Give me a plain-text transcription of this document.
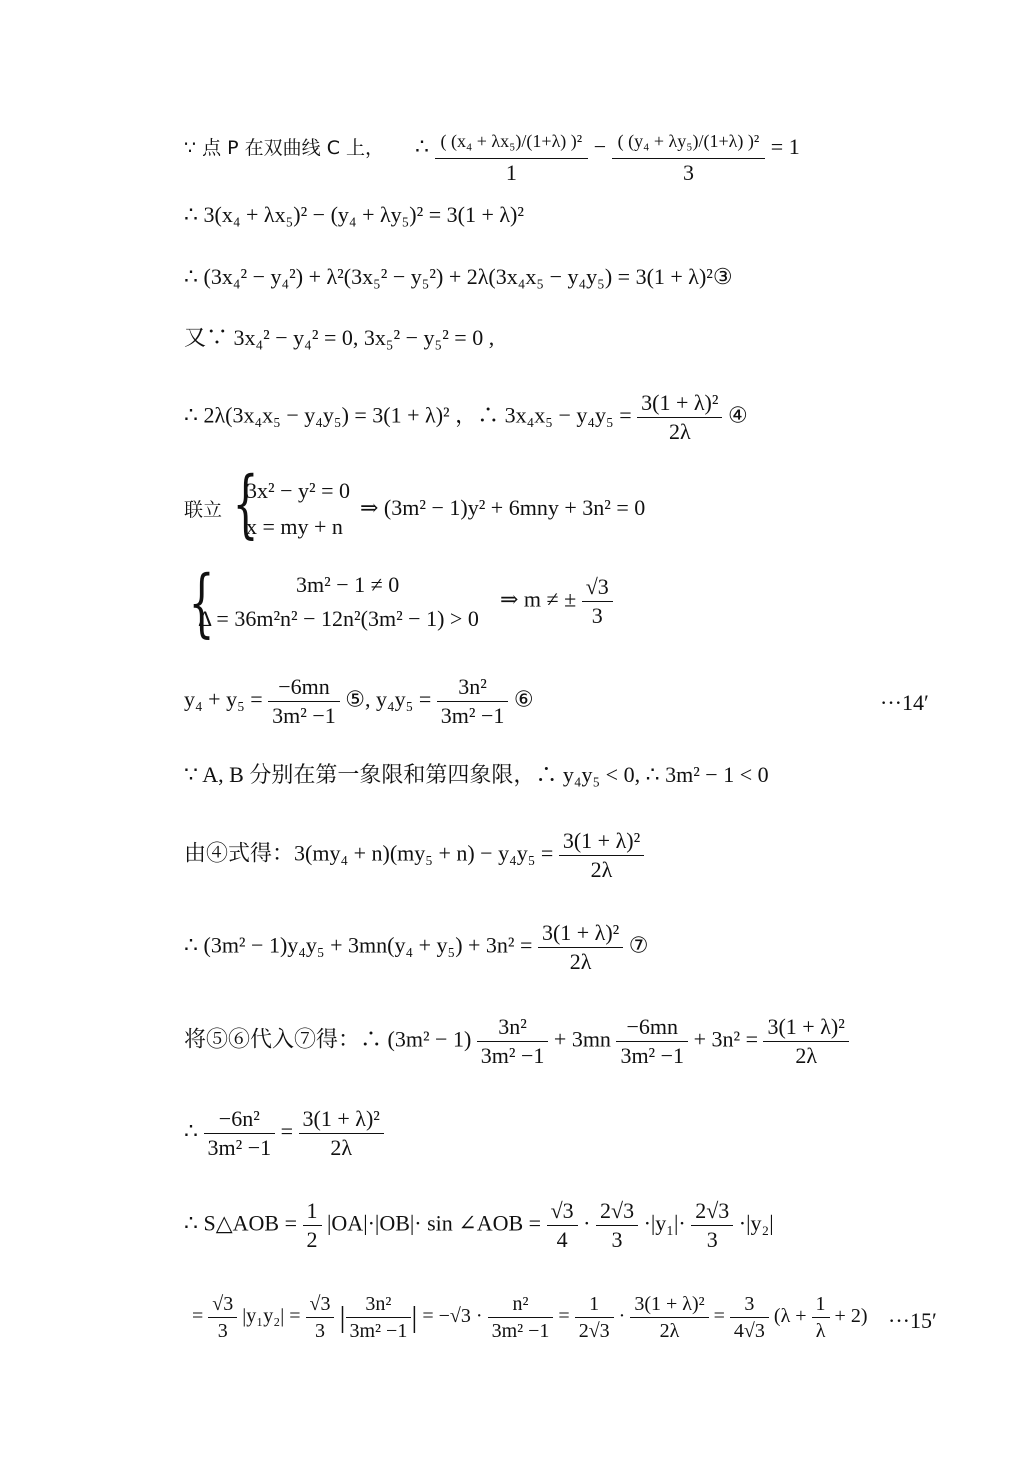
∵ 点 P 在双曲线 C 上， ∴ $\frac{\text{( (x₄ + λx₅)/(1+λ) )²}}{1} - \frac{\text{( (y₄ + λy₅)/(1+λ) )²}}{3} = 1$
∴ 3(x₄ + λx₅)² − (y₄ + λy₅)² = 3(1 + λ)²
∴ (3x₄² − y₄²) + λ²(3x₅² − y₅²) + 2λ(3x₄x₅ − y₄y₅) = 3(1 + λ)²③
又∵ 3x₄² − y₄² = 0, 3x₅² − y₅² = 0 ,
∴ 2λ(3x₄x₅ − y₄y₅) = 3(1 + λ)² ，∴ $3x_4x_5 - y_4y_5 = \frac{\text{3(1 + λ)²}}{2\lambda}$ ④
联立 {
3x² − y² = 0
x = my + n
⇒ (3m² − 1)y² + 6mny + 3n² = 0
{	3m² − 1 ≠ 0
Δ = 36m²n² − 12n²(3m² − 1) > 0
⇒ m ≠ ± $\frac{√3}{3}$
$y_4 + y_5 = \frac{-6mn}{\text{3m² −1}}$ ⑤, $y_4y_5 = \frac{\text{3n²}}{\text{3m² −1}}$ ⑥	···14′
∵ A, B 分别在第一象限和第四象限，∴ y₄y₅ < 0, ∴ 3m² − 1 < 0
由④式得：$3(my_4 + n)(my_5 + n) - y_4y_5 = \frac{\text{3(1 + λ)²}}{2\lambda}$
∴ $(3m^2 - 1)y_4y_5 + 3mn(y_4 + y_5) + 3n^2 = \frac{\text{3(1 + λ)²}}{2\lambda}$ ⑦
将⑤⑥代入⑦得：∴ $(3m^2 - 1) \frac{\text{3n²}}{\text{3m² −1}} + 3mn \frac{-6mn}{\text{3m² −1}} + 3n^2 = \frac{\text{3(1 + λ)²}}{2\lambda}$
∴ $\frac{\text{−6n²}}{\text{3m² −1}} = \frac{\text{3(1 + λ)²}}{2\lambda}$
∴ S△AOB = $\frac{1}{2} |OA|\cdot|OB|\cdot \sin$ ∠AOB = $\frac{√3}{4} \cdot \frac{2√3}{3} \cdot|y_1|\cdot \frac{2√3}{3} \cdot|y_2|$
= $\frac{√3}{3} |y_1y_2| = \frac{√3}{3}$ | $\frac{\text{3n²}}{\text{3m² −1}}$ | = $-√3 \cdot \frac{\text{n²}}{\text{3m² −1}} = \frac{1}{2√3} \cdot \frac{\text{3(1 + λ)²}}{2\lambda} = \frac{3}{4√3} (\lambda + \frac{1}{\lambda} + 2) \cdot\cdot\cdot 15'$
